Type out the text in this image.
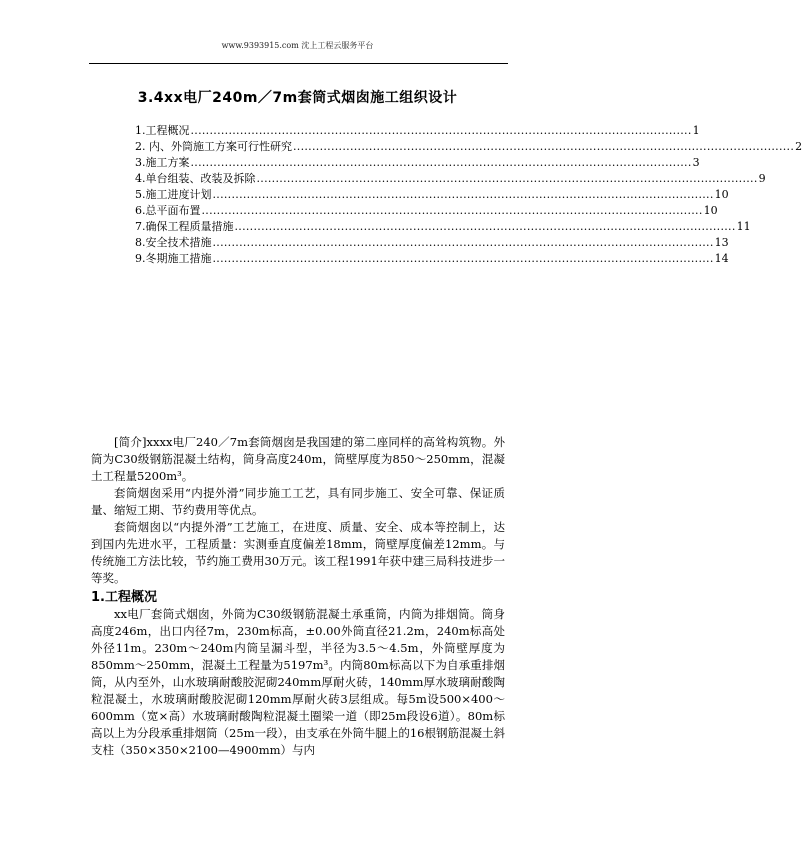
www.9393915.com 沈上工程云服务平台
3.4xx电厂240m／7m套筒式烟囱施工组织设计
1.工程概况 .................................................................................................................................... 1
2. 内、外筒施工方案可行性研究 .................................................................................................................................... 2
3.施工方案 .................................................................................................................................... 3
4.单台组装、改装及拆除 .................................................................................................................................... 9
5.施工进度计划 .................................................................................................................................... 10
6.总平面布置 .................................................................................................................................... 10
7.确保工程质量措施 .................................................................................................................................... 11
8.安全技术措施 .................................................................................................................................... 13
9.冬期施工措施 .................................................................................................................................... 14

[简介]xxxx电厂240／7m套筒烟囱是我国建的第二座同样的高耸构筑物。外筒为C30级钢筋混凝土结构，筒身高度240m，筒壁厚度为850～250mm，混凝土工程量5200m³。

套筒烟囱采用“内提外滑”同步施工工艺，具有同步施工、安全可靠、保证质量、缩短工期、节约费用等优点。

套筒烟囱以“内提外滑”工艺施工，在进度、质量、安全、成本等控制上，达到国内先进水平，工程质量：实测垂直度偏差18mm，筒壁厚度偏差12mm。与传统施工方法比较，节约施工费用30万元。该工程1991年获中建三局科技进步一等奖。

1.工程概况

xx电厂套筒式烟囱，外筒为C30级钢筋混凝土承重筒，内筒为排烟筒。筒身高度246m，出口内径7m，230m标高，±0.00外筒直径21.2m，240m标高处外径11m。230m～240m内筒呈漏斗型，半径为3.5～4.5m，外筒壁厚度为850mm～250mm，混凝土工程量为5197m³。内筒80m标高以下为自承重排烟筒，从内至外，山水玻璃耐酸胶泥砌240mm厚耐火砖，140mm厚水玻璃耐酸陶粒混凝土，水玻璃耐酸胶泥砌120mm厚耐火砖3层组成。每5m设500×400～600mm（宽×高）水玻璃耐酸陶粒混凝土圈梁一道（即25m段设6道）。80m标高以上为分段承重排烟筒（25m一段），由支承在外筒牛腿上的16根钢筋混凝土斜支柱（350×350×2100—4900mm）与内
